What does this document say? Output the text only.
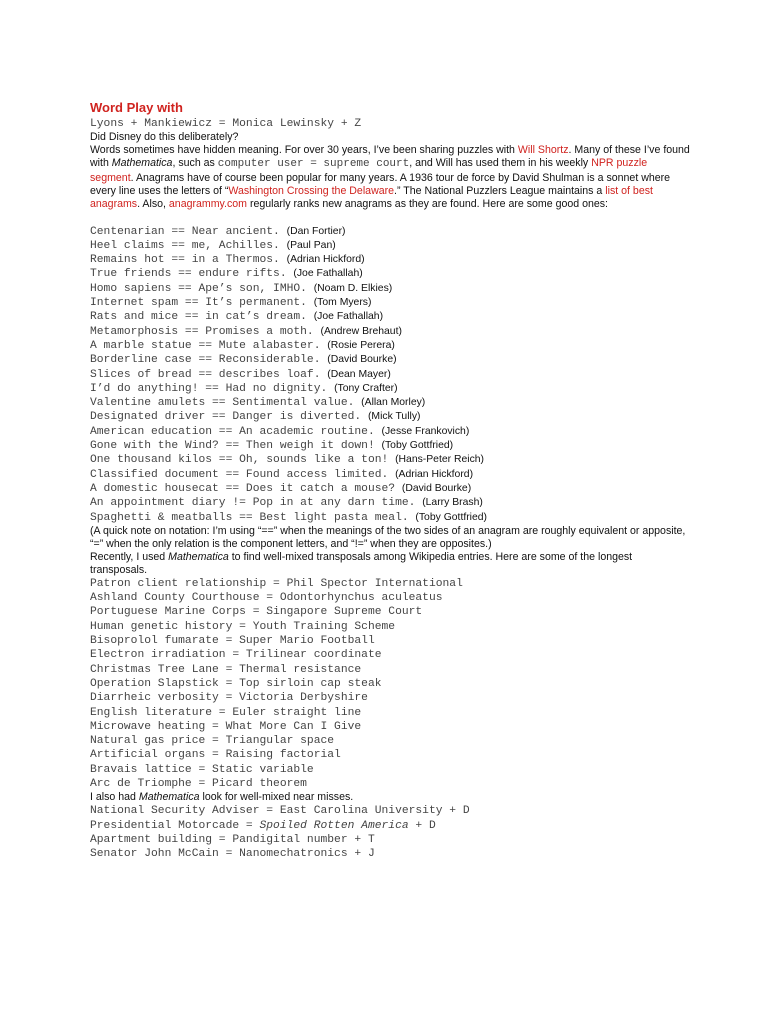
Word Play with
Lyons + Mankiewicz = Monica Lewinsky + Z
Did Disney do this deliberately?
Words sometimes have hidden meaning. For over 30 years, I’ve been sharing puzzles with Will Shortz. Many of these I’ve found with Mathematica, such as computer user = supreme court, and Will has used them in his weekly NPR puzzle segment. Anagrams have of course been popular for many years. A 1936 tour de force by David Shulman is a sonnet where every line uses the letters of “Washington Crossing the Delaware.” The National Puzzlers League maintains a list of best anagrams. Also, anagrammy.com regularly ranks new anagrams as they are found. Here are some good ones:
Centenarian == Near ancient. (Dan Fortier)
Heel claims == me, Achilles. (Paul Pan)
Remains hot == in a Thermos. (Adrian Hickford)
True friends == endure rifts. (Joe Fathallah)
Homo sapiens == Ape’s son, IMHO. (Noam D. Elkies)
Internet spam == It’s permanent. (Tom Myers)
Rats and mice == in cat’s dream. (Joe Fathallah)
Metamorphosis == Promises a moth. (Andrew Brehaut)
A marble statue == Mute alabaster. (Rosie Perera)
Borderline case == Reconsiderable. (David Bourke)
Slices of bread == describes loaf. (Dean Mayer)
I’d do anything! == Had no dignity. (Tony Crafter)
Valentine amulets == Sentimental value. (Allan Morley)
Designated driver == Danger is diverted. (Mick Tully)
American education == An academic routine. (Jesse Frankovich)
Gone with the Wind? == Then weigh it down! (Toby Gottfried)
One thousand kilos == Oh, sounds like a ton! (Hans-Peter Reich)
Classified document == Found access limited. (Adrian Hickford)
A domestic housecat == Does it catch a mouse? (David Bourke)
An appointment diary != Pop in at any darn time. (Larry Brash)
Spaghetti & meatballs == Best light pasta meal. (Toby Gottfried)
(A quick note on notation: I’m using “==” when the meanings of the two sides of an anagram are roughly equivalent or apposite, “=” when the only relation is the component letters, and “!=” when they are opposites.)
Recently, I used Mathematica to find well-mixed transposals among Wikipedia entries. Here are some of the longest transposals.
Patron client relationship = Phil Spector International
Ashland County Courthouse = Odontorhynchus aculeatus
Portuguese Marine Corps = Singapore Supreme Court
Human genetic history = Youth Training Scheme
Bisoprolol fumarate = Super Mario Football
Electron irradiation = Trilinear coordinate
Christmas Tree Lane = Thermal resistance
Operation Slapstick = Top sirloin cap steak
Diarrheic verbosity = Victoria Derbyshire
English literature = Euler straight line
Microwave heating = What More Can I Give
Natural gas price = Triangular space
Artificial organs = Raising factorial
Bravais lattice = Static variable
Arc de Triomphe = Picard theorem
I also had Mathematica look for well-mixed near misses.
National Security Adviser = East Carolina University + D
Presidential Motorcade = Spoiled Rotten America + D
Apartment building = Pandigital number + T
Senator John McCain = Nanomechatronics + J
